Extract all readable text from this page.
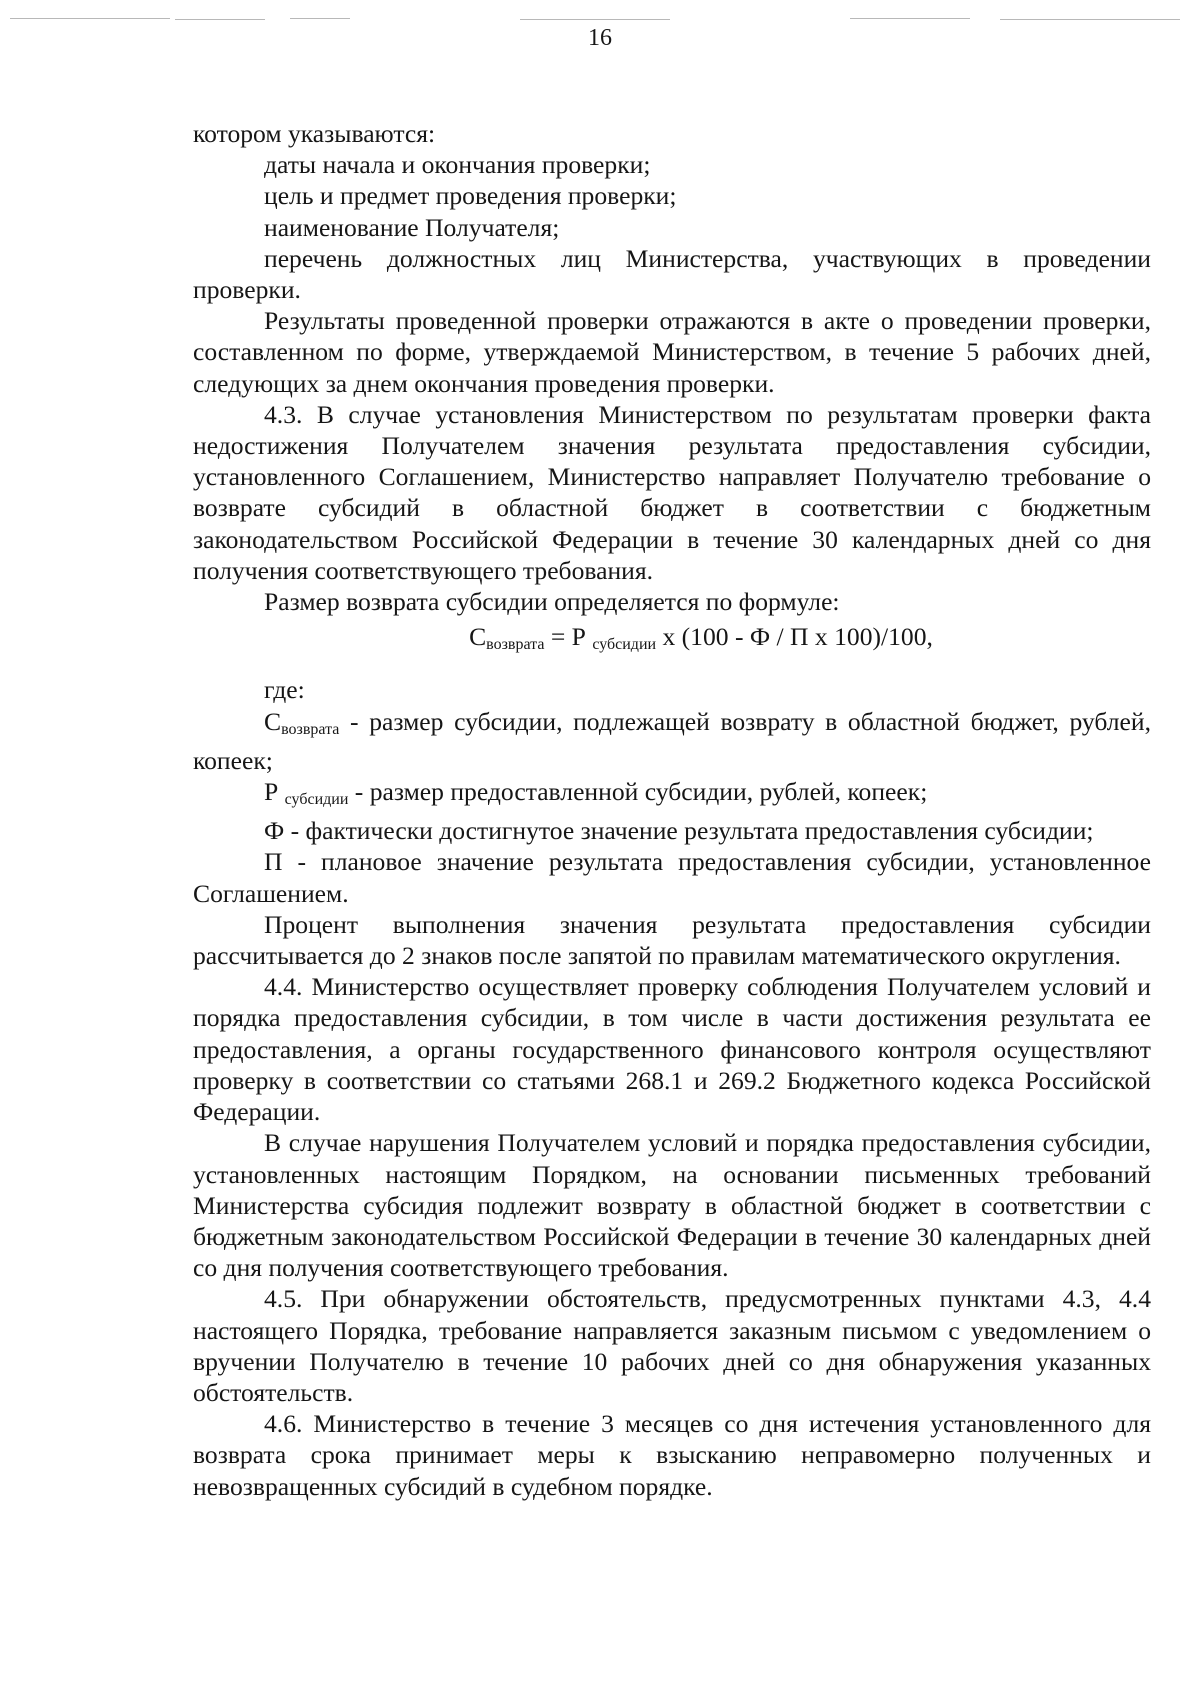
16

котором указываются:

даты начала и окончания проверки;

цель и предмет проведения проверки;

наименование Получателя;

перечень должностных лиц Министерства, участвующих в проведении проверки.

Результаты проведенной проверки отражаются в акте о проведении проверки, составленном по форме, утверждаемой Министерством, в течение 5 рабочих дней, следующих за днем окончания проведения проверки.

4.3. В случае установления Министерством по результатам проверки факта недостижения Получателем значения результата предоставления субсидии, установленного Соглашением, Министерство направляет Получателю требование о возврате субсидий в областной бюджет в соответствии с бюджетным законодательством Российской Федерации в течение 30 календарных дней со дня получения соответствующего требования.

Размер возврата субсидии определяется по формуле:

$С_{возврата} = Р$ $_{субсидии}$ х (100 - Ф / П х 100)/100,

где:

$С_{возврата}$ - размер субсидии, подлежащей возврату в областной бюджет, рублей, копеек;

Р $_{субсидии}$ - размер предоставленной субсидии, рублей, копеек;

Ф - фактически достигнутое значение результата предоставления субсидии;

П - плановое значение результата предоставления субсидии, установленное Соглашением.

Процент выполнения значения результата предоставления субсидии рассчитывается до 2 знаков после запятой по правилам математического округления.

4.4. Министерство осуществляет проверку соблюдения Получателем условий и порядка предоставления субсидии, в том числе в части достижения результата ее предоставления, а органы государственного финансового контроля осуществляют проверку в соответствии со статьями 268.1 и 269.2 Бюджетного кодекса Российской Федерации.

В случае нарушения Получателем условий и порядка предоставления субсидии, установленных настоящим Порядком, на основании письменных требований Министерства субсидия подлежит возврату в областной бюджет в соответствии с бюджетным законодательством Российской Федерации в течение 30 календарных дней со дня получения соответствующего требования.

4.5. При обнаружении обстоятельств, предусмотренных пунктами 4.3, 4.4 настоящего Порядка, требование направляется заказным письмом с уведомлением о вручении Получателю в течение 10 рабочих дней со дня обнаружения указанных обстоятельств.

4.6. Министерство в течение 3 месяцев со дня истечения установленного для возврата срока принимает меры к взысканию неправомерно полученных и невозвращенных субсидий в судебном порядке.
